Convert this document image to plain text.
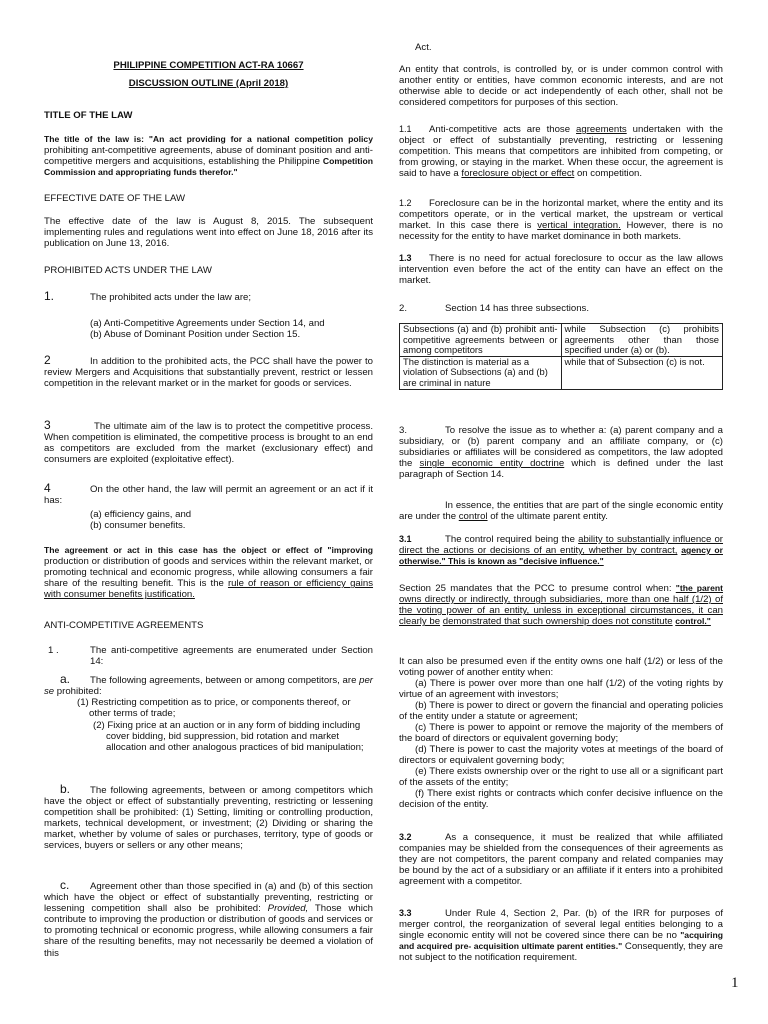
PHILIPPINE COMPETITION ACT-RA 10667

DISCUSSION OUTLINE (April 2018)

TITLE OF THE LAW

The title of the law is: "An act providing for a national competition policy prohibiting ant-competitive agreements, abuse of dominant position and anti- competitive mergers and acquisitions, establishing the Philippine Competition Commission and appropriating funds therefor."

EFFECTIVE DATE OF THE LAW

The effective date of the law is August 8, 2015. The subsequent implementing rules and regulations went into effect on June 18, 2016 after its publication on June 13, 2016.

PROHIBITED ACTS UNDER THE LAW

1.	The prohibited acts under the law are;

(a) Anti-Competitive Agreements under Section 14, and

(b) Abuse of Dominant Position under Section 15.

2	In addition to the prohibited acts, the PCC shall have the power to review Mergers and Acquisitions that substantially prevent, restrict or lessen competition in the relevant market or in the market for goods or services.

3	The ultimate aim of the law is to protect the competitive process. When competition is eliminated, the competitive process is brought to an end as competitors are excluded from the market (exclusionary effect) and consumers are exploited (exploitative effect).

4	On the other hand, the law will permit an agreement or an act if it has:

(a) efficiency gains, and

(b) consumer benefits.

The agreement or act in this case has the object or effect of "improving production or distribution of goods and services within the relevant market, or promoting technical and economic progress, while allowing consumers a fair share of the resulting benefit. This is the rule of reason or efficiency gains with consumer benefits justification.

ANTI-COMPETITIVE AGREEMENTS

1 .	The anti-competitive agreements are enumerated under Section 14:

a. The following agreements, between or among competitors, are per se prohibited:

(1) Restricting competition as to price, or components thereof, or other terms of trade;

(2) Fixing price at an auction or in any form of bidding including cover bidding, bid suppression, bid rotation and market allocation and other analogous practices of bid manipulation;

b. The following agreements, between or among competitors which have the object or effect of substantially preventing, restricting or lessening competition shall be prohibited: (1) Setting, limiting or controlling production, markets, technical development, or investment; (2) Dividing or sharing the market, whether by volume of sales or purchases, territory, type of goods or services, buyers or sellers or any other means;

c. Agreement other than those specified in (a) and (b) of this section which have the object or effect of substantially preventing, restricting or lessening competition shall also be prohibited: Provided, Those which contribute to improving the production or distribution of goods and services or to promoting technical or economic progress, while allowing consumers a fair share of the resulting benefits, may not necessarily be deemed a violation of this

Act.

An entity that controls, is controlled by, or is under common control with another entity or entities, have common economic interests, and are not otherwise able to decide or act independently of each other, shall not be considered competitors for purposes of this section.

1.1 Anti-competitive acts are those agreements undertaken with the object or effect of substantially preventing, restricting or lessening competition. This means that competitors are inhibited from competing, or from growing, or staying in the market. When these occur, the agreement is said to have a foreclosure object or effect on competition.

1.2 Foreclosure can be in the horizontal market, where the entity and its competitors operate, or in the vertical market, the upstream or vertical market. In this case there is vertical integration. However, there is no necessity for the entity to have market dominance in both markets.

1.3 There is no need for actual foreclosure to occur as the law allows intervention even before the act of the entity can have an effect on the market.

2.	Section 14 has three subsections.

Subsections (a) and (b) prohibit anti- competitive agreements between or among competitors	while Subsection (c) prohibits agreements other than those specified under (a) or (b).
The distinction is material as a violation of Subsections (a) and (b) are criminal in nature	while that of Subsection (c) is not.

3.	To resolve the issue as to whether a: (a) parent company and a subsidiary, or (b) parent company and an affiliate company, or (c) subsidiaries or affiliates will be considered as competitors, the law adopted the single economic entity doctrine which is defined under the last paragraph of Section 14.

In essence, the entities that are part of the single economic entity are under the control of the ultimate parent entity.

3.1	The control required being the ability to substantially influence or direct the actions or decisions of an entity, whether by contract, agency or otherwise." This is known as "decisive influence."

Section 25 mandates that the PCC to presume control when: "the parent owns directly or indirectly, through subsidiaries, more than one half (1/2) of the voting power of an entity, unless in exceptional circumstances, it can clearly be demonstrated that such ownership does not constitute control."

It can also be presumed even if the entity owns one half (1/2) or less of the voting power of another entity when:

(a) There is power over more than one half (1/2) of the voting rights by virtue of an agreement with investors;

(b) There is power to direct or govern the financial and operating policies of the entity under a statute or agreement;

(c) There is power to appoint or remove the majority of the members of the board of directors or equivalent governing body;

(d) There is power to cast the majority votes at meetings of the board of directors or equivalent governing body;

(e) There exists ownership over or the right to use all or a significant part of the assets of the entity;

(f) There exist rights or contracts which confer decisive influence on the decision of the entity.

3.2	As a consequence, it must be realized that while affiliated companies may be shielded from the consequences of their agreements as they are not competitors, the parent company and related companies may be bound by the act of a subsidiary or an affiliate if it enters into a prohibited agreement with a competitor.

3.3	Under Rule 4, Section 2, Par. (b) of the IRR for purposes of merger control, the reorganization of several legal entities belonging to a single economic entity will not be covered since there can be no "acquiring and acquired pre- acquisition ultimate parent entities." Consequently, they are not subject to the notification requirement.

1
